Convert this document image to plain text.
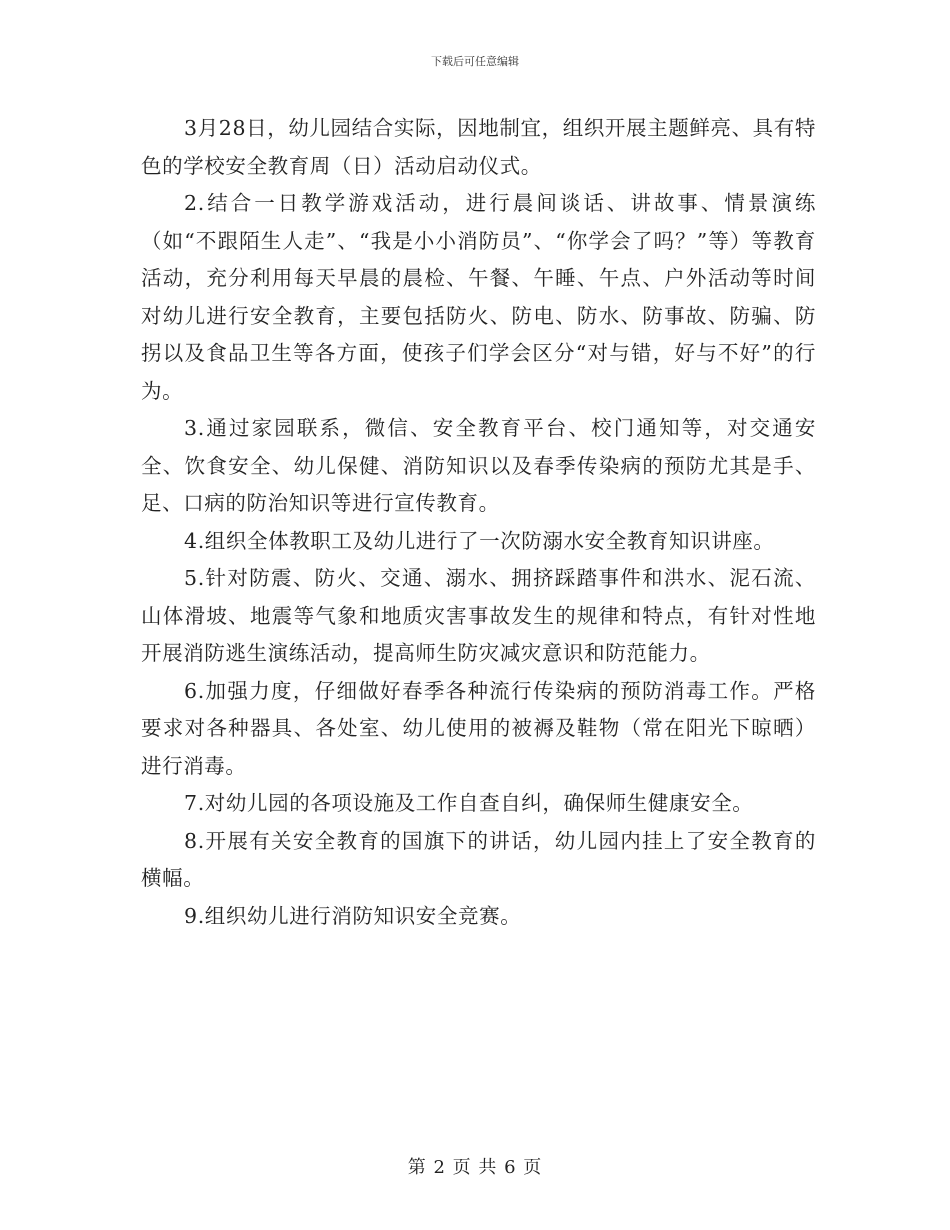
下载后可任意编辑

3月28日，幼儿园结合实际，因地制宜，组织开展主题鲜亮、具有特色的学校安全教育周（日）活动启动仪式。

2.结合一日教学游戏活动，进行晨间谈话、讲故事、情景演练（如“不跟陌生人走”、“我是小小消防员”、“你学会了吗？”等）等教育活动，充分利用每天早晨的晨检、午餐、午睡、午点、户外活动等时间对幼儿进行安全教育，主要包括防火、防电、防水、防事故、防骗、防拐以及食品卫生等各方面，使孩子们学会区分“对与错，好与不好”的行为。

3.通过家园联系，微信、安全教育平台、校门通知等，对交通安全、饮食安全、幼儿保健、消防知识以及春季传染病的预防尤其是手、足、口病的防治知识等进行宣传教育。

4.组织全体教职工及幼儿进行了一次防溺水安全教育知识讲座。

5.针对防震、防火、交通、溺水、拥挤踩踏事件和洪水、泥石流、山体滑坡、地震等气象和地质灾害事故发生的规律和特点，有针对性地开展消防逃生演练活动，提高师生防灾减灾意识和防范能力。

6.加强力度，仔细做好春季各种流行传染病的预防消毒工作。严格要求对各种器具、各处室、幼儿使用的被褥及鞋物（常在阳光下晾晒）进行消毒。

7.对幼儿园的各项设施及工作自查自纠，确保师生健康安全。

8.开展有关安全教育的国旗下的讲话，幼儿园内挂上了安全教育的横幅。

9.组织幼儿进行消防知识安全竞赛。

第 2 页 共 6 页
